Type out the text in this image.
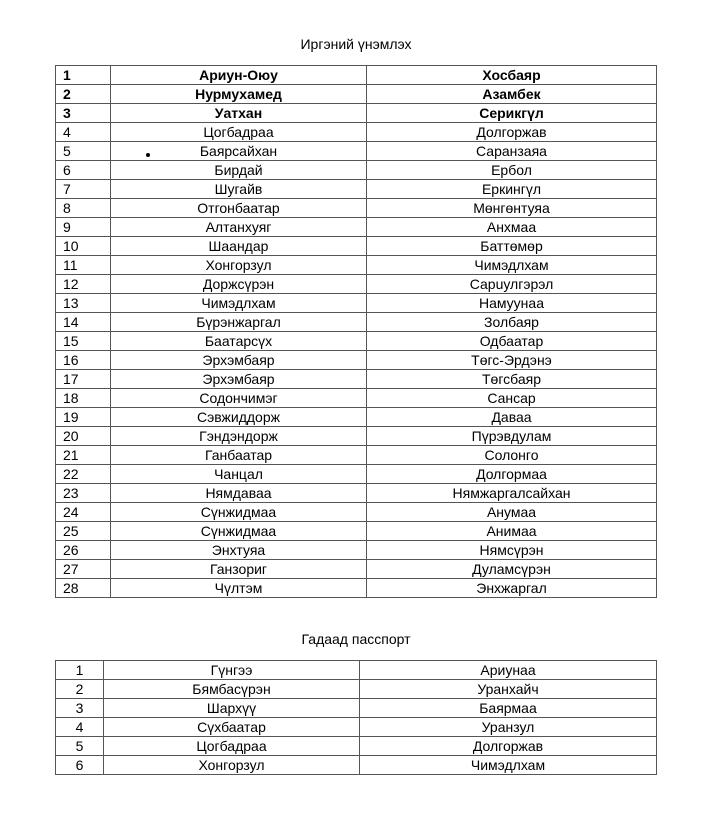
Иргэний үнэмлэх
1	Ариун-Оюу	Хосбаяр
2	Нурмухамед	Азамбек
3	Уатхан	Серикгүл
4	Цогбадраа	Долгоржав
5	Баярсайхан	Саранзаяа
6	Бирдай	Ербол
7	Шугайв	Еркингүл
8	Отгонбаатар	Мөнгөнтуяа
9	Алтанхуяг	Анхмаа
10	Шаандар	Баттөмөр
11	Хонгорзул	Чимэдлхам
12	Доржсүрэн	Сарuулгэрэл
13	Чимэдлхам	Намуунаа
14	Бүрэнжаргал	Золбаяр
15	Баатарсүх	Одбаатар
16	Эрхэмбаяр	Төгс-Эрдэнэ
17	Эрхэмбаяр	Төгсбаяр
18	Содончимэг	Сансар
19	Сэвжиддорж	Даваа
20	Гэндэндорж	Пүрэвдулам
21	Ганбаатар	Солонго
22	Чанцал	Долгормаа
23	Нямдаваа	Нямжаргалсайхан
24	Сүнжидмаа	Анумаа
25	Сүнжидмаа	Анимаа
26	Энхтуяа	Нямсүрэн
27	Ганзориг	Дуламсүрэн
28	Чүлтэм	Энхжаргал
Гадаад пасспорт
1	Гүнгээ	Ариунаа
2	Бямбасүрэн	Уранхайч
3	Шархүү	Баярмаа
4	Сүхбаатар	Уранзул
5	Цогбадраа	Долгоржав
6	Хонгорзул	Чимэдлхам
